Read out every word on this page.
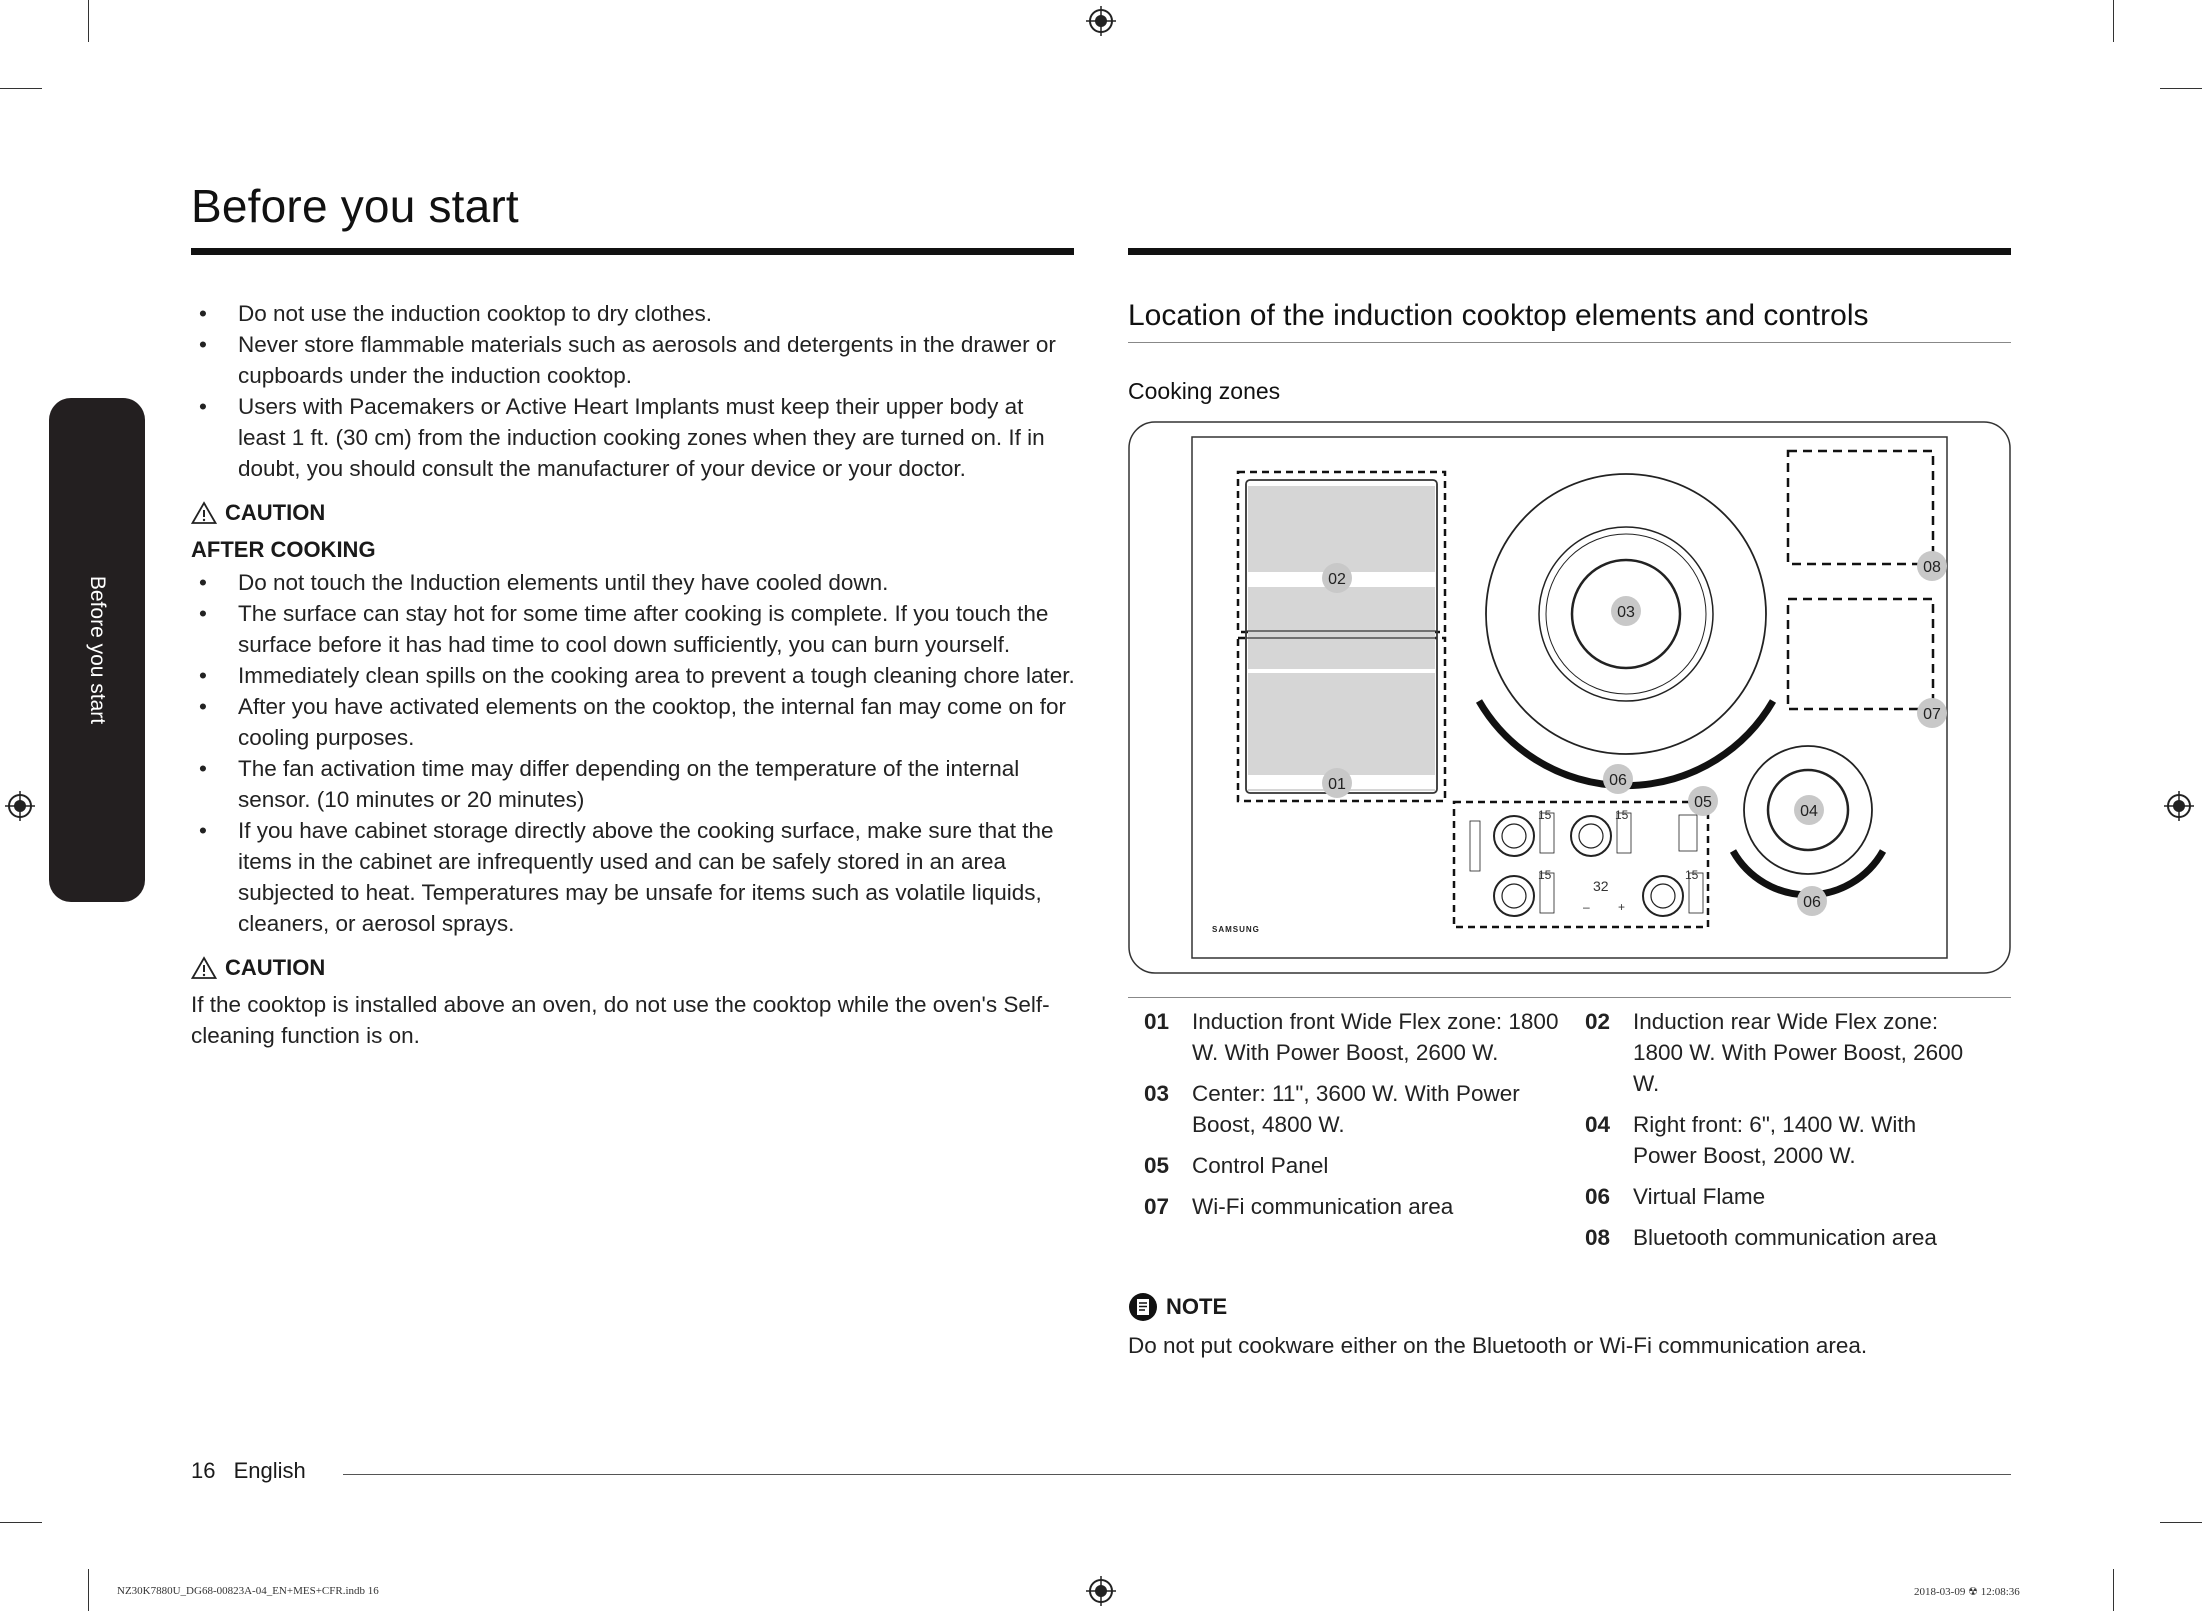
Before you start
Before you start
• Do not use the induction cooktop to dry clothes.
• Never store flammable materials such as aerosols and detergents in the drawer or cupboards under the induction cooktop.
• Users with Pacemakers or Active Heart Implants must keep their upper body at least 1 ft. (30 cm) from the induction cooking zones when they are turned on. If in doubt, you should consult the manufacturer of your device or your doctor.
CAUTION
AFTER COOKING
• Do not touch the Induction elements until they have cooled down.
• The surface can stay hot for some time after cooking is complete. If you touch the surface before it has had time to cool down sufficiently, you can burn yourself.
• Immediately clean spills on the cooking area to prevent a tough cleaning chore later.
• After you have activated elements on the cooktop, the internal fan may come on for cooling purposes.
• The fan activation time may differ depending on the temperature of the internal sensor. (10 minutes or 20 minutes)
• If you have cabinet storage directly above the cooking surface, make sure that the items in the cabinet are infrequently used and can be safely stored in an area subjected to heat. Temperatures may be unsafe for items such as volatile liquids, cleaners, or aerosol sprays.
CAUTION
If the cooktop is installed above an oven, do not use the cooktop while the oven's Self-cleaning function is on.
Location of the induction cooktop elements and controls
Cooking zones
15	15
15	15
32
– +
SAMSUNG
02
01
03
06
05
04
06
07
08
01	Induction front Wide Flex zone: 1800 W. With Power Boost, 2600 W.
03	Center: 11", 3600 W. With Power Boost, 4800 W.
05	Control Panel
07	Wi-Fi communication area
02	Induction rear Wide Flex zone: 1800 W. With Power Boost, 2600 W.
04	Right front: 6", 1400 W. With Power Boost, 2000 W.
06	Virtual Flame
08	Bluetooth communication area
NOTE
Do not put cookware either on the Bluetooth or Wi-Fi communication area.
16 English
NZ30K7880U_DG68-00823A-04_EN+MES+CFR.indb 16	2018-03-09 ☢ 12:08:36
